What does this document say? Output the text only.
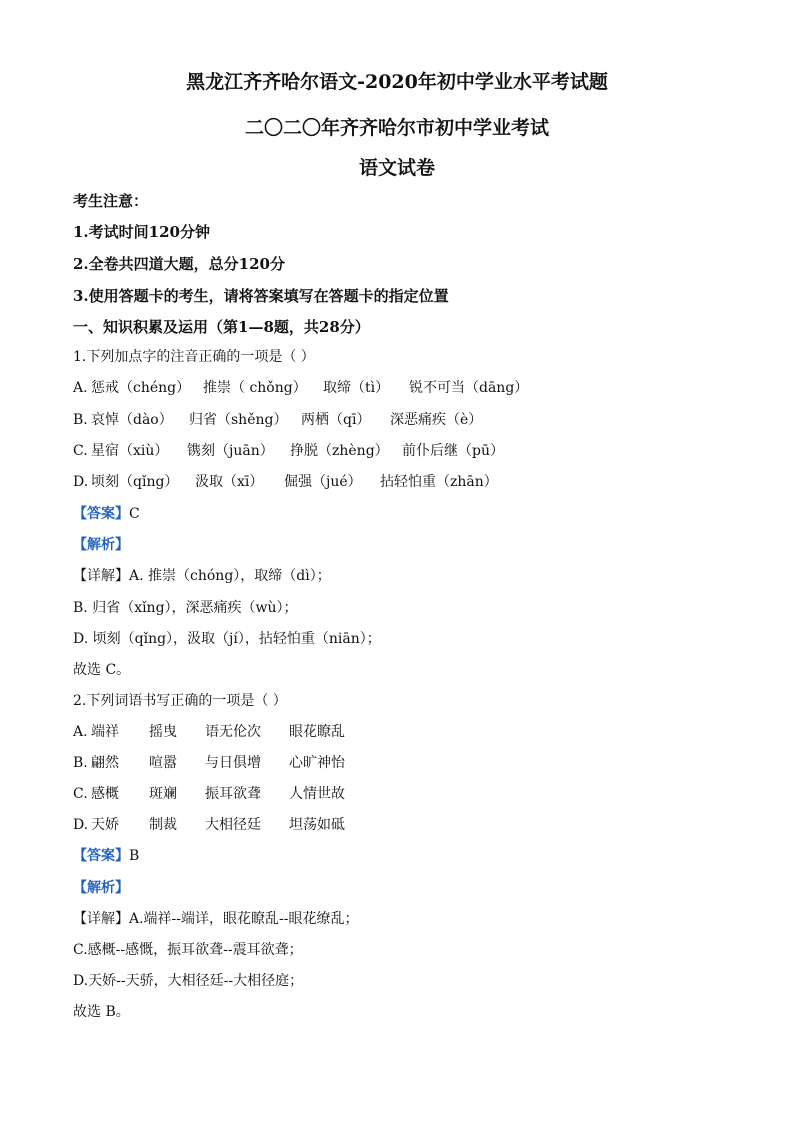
黑龙江齐齐哈尔语文-2020年初中学业水平考试题
二〇二〇年齐齐哈尔市初中学业考试
语文试卷
考生注意：
1.考试时间120分钟
2.全卷共四道大题，总分120分
3.使用答题卡的考生，请将答案填写在答题卡的指定位置
一、知识积累及运用（第1—8题，共28分）
1.下列加点字的注音正确的一项是（ ）
A. 惩戒（chéng） 推崇（ chǒng） 取缔（tì） 锐不可当（dāng）
B. 哀悼（dào） 归省（shěng） 两栖（qī） 深恶痛疾（è）
C. 星宿（xiù） 镌刻（juān） 挣脱（zhèng） 前仆后继（pū）
D. 顷刻（qǐng） 汲取（xī） 倔强（jué） 拈轻怕重（zhān）
【答案】C
【解析】
【详解】A. 推崇（chóng），取缔（dì）；
B. 归省（xǐng），深恶痛疾（wù）；
D. 顷刻（qǐng），汲取（jí），拈轻怕重（niān）；
故选 C。
2.下列词语书写正确的一项是（ ）
A. 端祥 摇曳 语无伦次 眼花瞭乱
B. 翩然 喧嚣 与日俱增 心旷神怡
C. 感概 斑斓 振耳欲聋 人情世故
D. 天娇 制裁 大相径廷 坦荡如砥
【答案】B
【解析】
【详解】A.端祥--端详，眼花瞭乱--眼花缭乱；
C.感概--感慨，振耳欲聋--震耳欲聋；
D.天娇--天骄，大相径廷--大相径庭；
故选 B。
